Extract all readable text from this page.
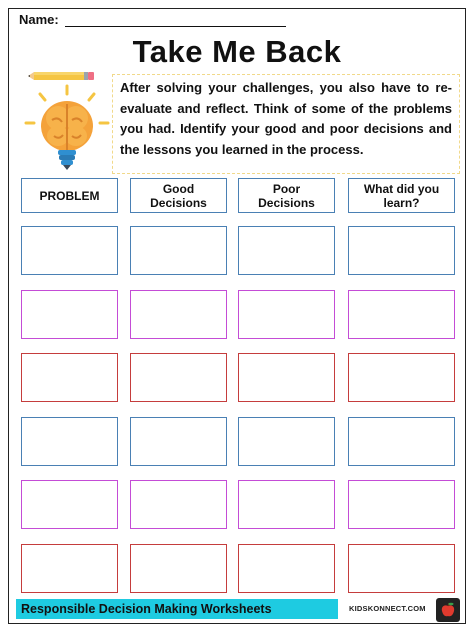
Name:
Take Me Back
After solving your challenges, you also have to re-evaluate and reflect. Think of some of the problems you had. Identify your good and poor decisions and the lessons you learned in the process.
Responsible Decision Making Worksheets	KIDSKONNECT.COM
PROBLEM	Good
Decisions
Poor
Decisions
What did you
learn?
